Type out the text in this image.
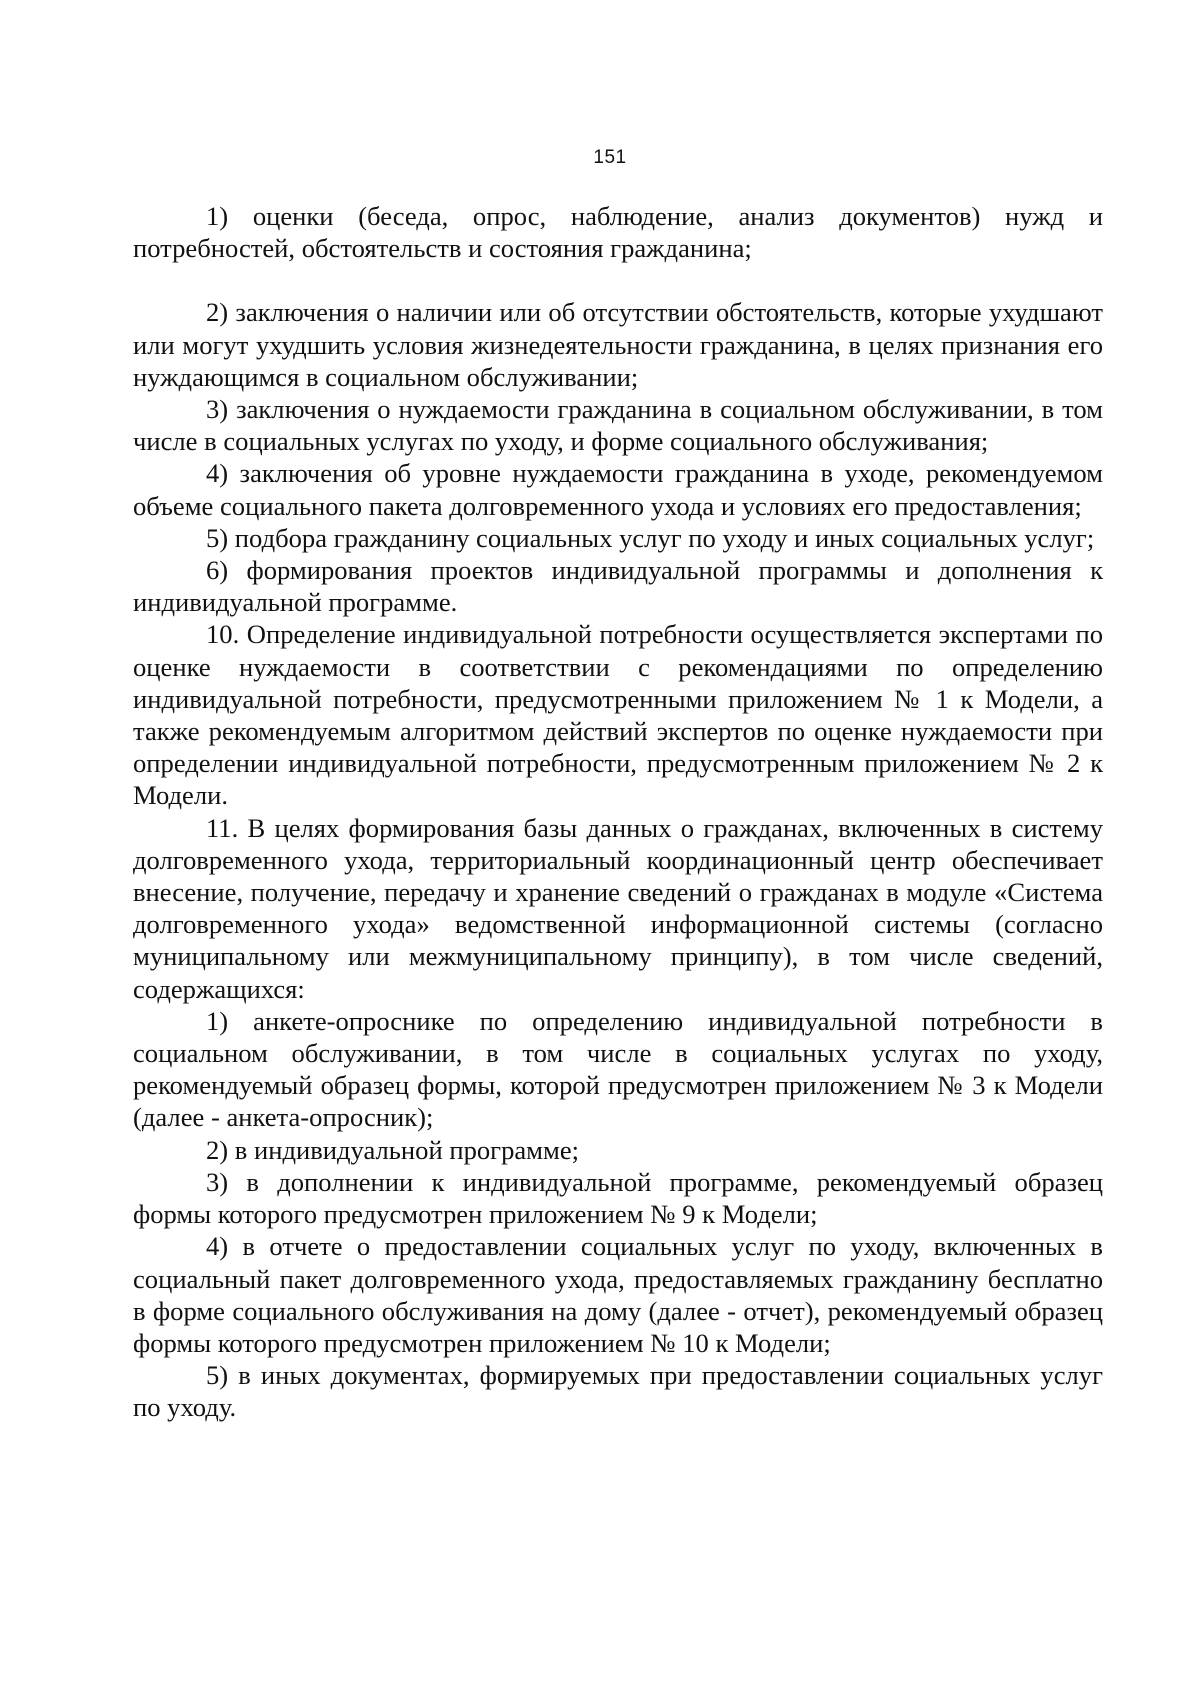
151

1) оценки (беседа, опрос, наблюдение, анализ документов) нужд и потребностей, обстоятельств и состояния гражданина;

2) заключения о наличии или об отсутствии обстоятельств, которые ухудшают или могут ухудшить условия жизнедеятельности гражданина, в целях признания его нуждающимся в социальном обслуживании;

3) заключения о нуждаемости гражданина в социальном обслуживании, в том числе в социальных услугах по уходу, и форме социального обслуживания;

4) заключения об уровне нуждаемости гражданина в уходе, рекомендуемом объеме социального пакета долговременного ухода и условиях его предоставления;

5) подбора гражданину социальных услуг по уходу и иных социальных услуг;

6) формирования проектов индивидуальной программы и дополнения к индивидуальной программе.

10. Определение индивидуальной потребности осуществляется экспертами по оценке нуждаемости в соответствии с рекомендациями по определению индивидуальной потребности, предусмотренными приложением № 1 к Модели, а также рекомендуемым алгоритмом действий экспертов по оценке нуждаемости при определении индивидуальной потребности, предусмотренным приложением № 2 к Модели.

11. В целях формирования базы данных о гражданах, включенных в систему долговременного ухода, территориальный координационный центр обеспечивает внесение, получение, передачу и хранение сведений о гражданах в модуле «Система долговременного ухода» ведомственной информационной системы (согласно муниципальному или межмуниципальному принципу), в том числе сведений, содержащихся:

1) анкете-опроснике по определению индивидуальной потребности в социальном обслуживании, в том числе в социальных услугах по уходу, рекомендуемый образец формы, которой предусмотрен приложением № 3 к Модели (далее - анкета-опросник);

2) в индивидуальной программе;

3) в дополнении к индивидуальной программе, рекомендуемый образец формы которого предусмотрен приложением № 9 к Модели;

4) в отчете о предоставлении социальных услуг по уходу, включенных в социальный пакет долговременного ухода, предоставляемых гражданину бесплатно в форме социального обслуживания на дому (далее - отчет), рекомендуемый образец формы которого предусмотрен приложением № 10 к Модели;

5) в иных документах, формируемых при предоставлении социальных услуг по уходу.
